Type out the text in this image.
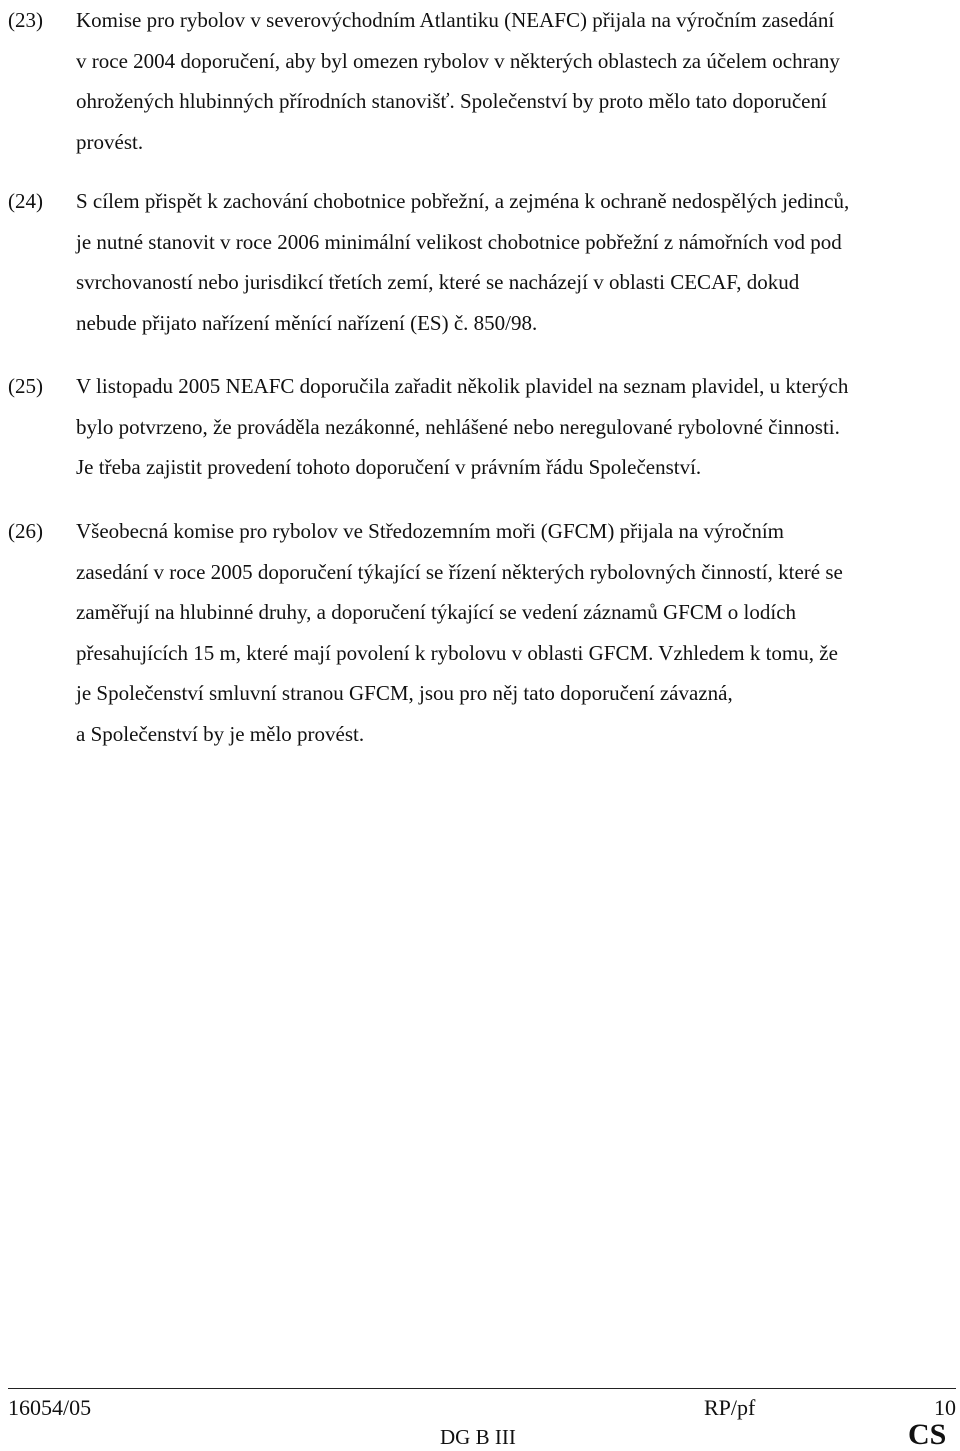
(23) Komise pro rybolov v severovýchodním Atlantiku (NEAFC) přijala na výročním zasedání
v roce 2004 doporučení, aby byl omezen rybolov v některých oblastech za účelem ochrany
ohrožených hlubinných přírodních stanovišť. Společenství by proto mělo tato doporučení
provést.
(24) S cílem přispět k zachování chobotnice pobřežní, a zejména k ochraně nedospělých jedinců,
je nutné stanovit v roce 2006 minimální velikost chobotnice pobřežní z námořních vod pod
svrchovaností nebo jurisdikcí třetích zemí, které se nacházejí v oblasti CECAF, dokud
nebude přijato nařízení měnící nařízení (ES) č. 850/98.
(25) V listopadu 2005 NEAFC doporučila zařadit několik plavidel na seznam plavidel, u kterých
bylo potvrzeno, že prováděla nezákonné, nehlášené nebo neregulované rybolovné činnosti.
Je třeba zajistit provedení tohoto doporučení v právním řádu Společenství.
(26) Všeobecná komise pro rybolov ve Středozemním moři (GFCM) přijala na výročním
zasedání v roce 2005 doporučení týkající se řízení některých rybolovných činností, které se
zaměřují na hlubinné druhy, a doporučení týkající se vedení záznamů GFCM o lodích
přesahujících 15 m, které mají povolení k rybolovu v oblasti GFCM. Vzhledem k tomu, že
je Společenství smluvní stranou GFCM, jsou pro něj tato doporučení závazná,
a Společenství by je mělo provést.
16054/05	RP/pf	10
DG B III	CS
